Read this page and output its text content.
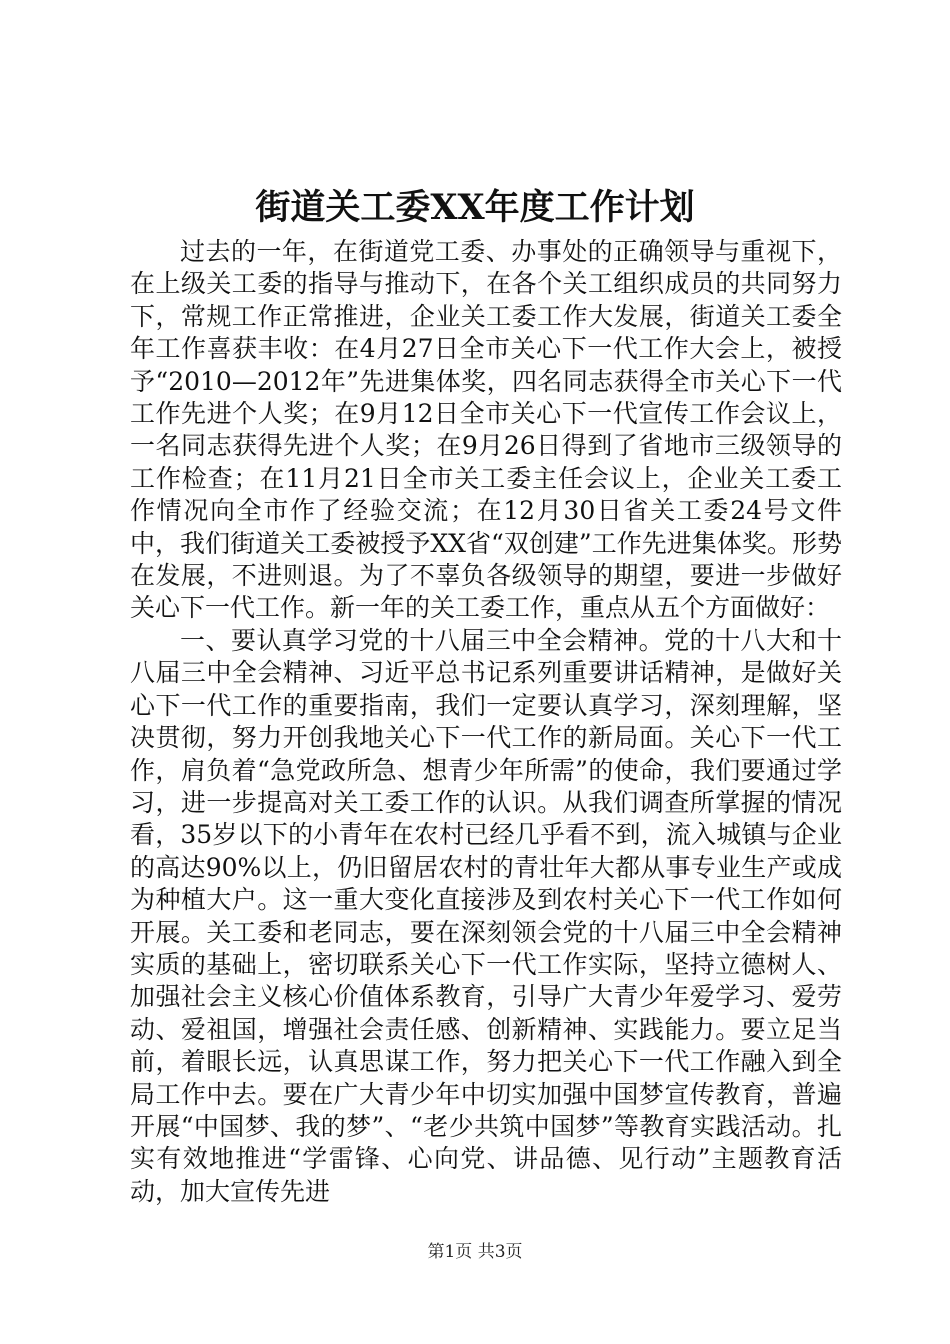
街道关工委XX年度工作计划

过去的一年，在街道党工委、办事处的正确领导与重视下，在上级关工委的指导与推动下，在各个关工组织成员的共同努力下，常规工作正常推进，企业关工委工作大发展，街道关工委全年工作喜获丰收：在4月27日全市关心下一代工作大会上，被授予“2010—2012年”先进集体奖，四名同志获得全市关心下一代工作先进个人奖；在9月12日全市关心下一代宣传工作会议上，一名同志获得先进个人奖；在9月26日得到了省地市三级领导的工作检查；在11月21日全市关工委主任会议上，企业关工委工作情况向全市作了经验交流；在12月30日省关工委24号文件中，我们街道关工委被授予XX省“双创建”工作先进集体奖。形势在发展，不进则退。为了不辜负各级领导的期望，要进一步做好关心下一代工作。新一年的关工委工作，重点从五个方面做好：

一、要认真学习党的十八届三中全会精神。党的十八大和十八届三中全会精神、习近平总书记系列重要讲话精神，是做好关心下一代工作的重要指南，我们一定要认真学习，深刻理解，坚决贯彻，努力开创我地关心下一代工作的新局面。关心下一代工作，肩负着“急党政所急、想青少年所需”的使命，我们要通过学习，进一步提高对关工委工作的认识。从我们调查所掌握的情况看，35岁以下的小青年在农村已经几乎看不到，流入城镇与企业的高达90%以上，仍旧留居农村的青壮年大都从事专业生产或成为种植大户。这一重大变化直接涉及到农村关心下一代工作如何开展。关工委和老同志，要在深刻领会党的十八届三中全会精神实质的基础上，密切联系关心下一代工作实际，坚持立德树人、加强社会主义核心价值体系教育，引导广大青少年爱学习、爱劳动、爱祖国，增强社会责任感、创新精神、实践能力。要立足当前，着眼长远，认真思谋工作，努力把关心下一代工作融入到全局工作中去。要在广大青少年中切实加强中国梦宣传教育，普遍开展“中国梦、我的梦”、“老少共筑中国梦”等教育实践活动。扎实有效地推进“学雷锋、心向党、讲品德、见行动”主题教育活动，加大宣传先进

第1页 共3页
